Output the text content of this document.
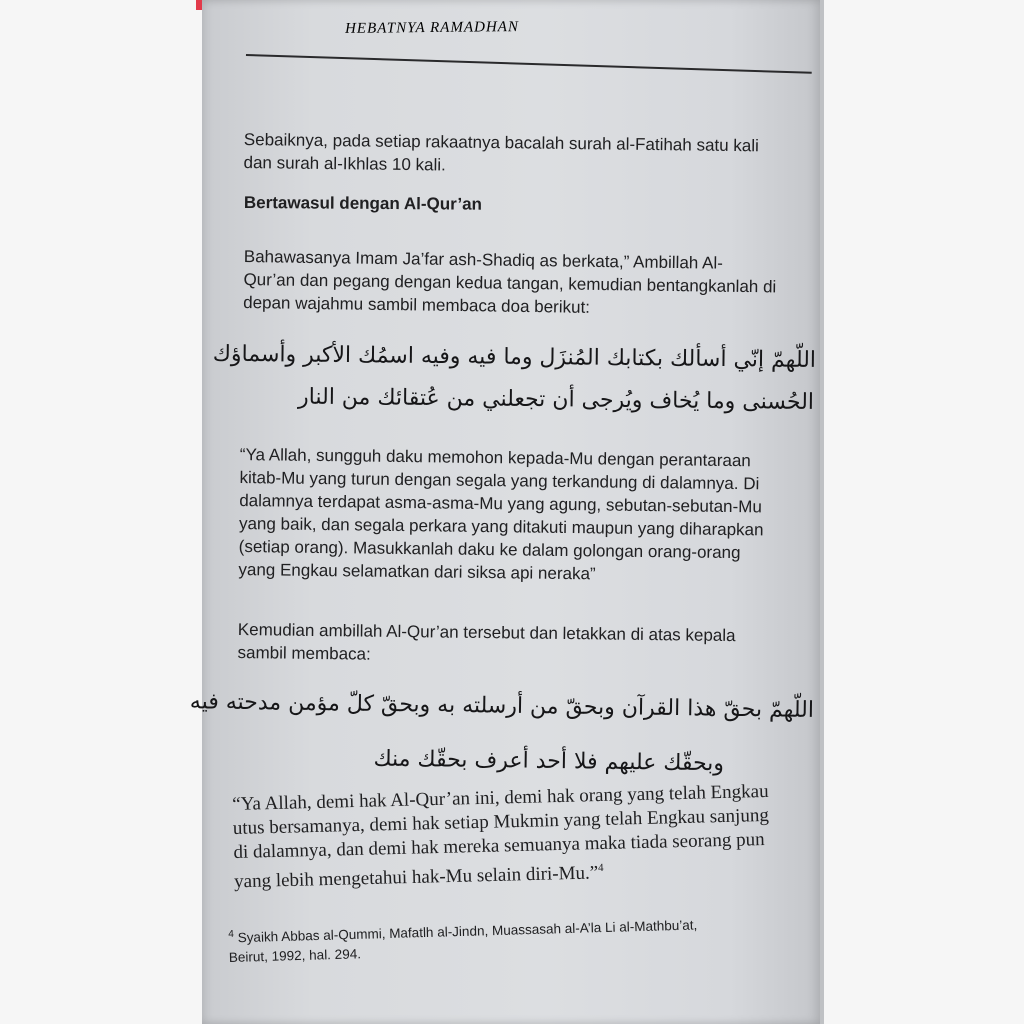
HEBATNYA RAMADHAN
Sebaiknya, pada setiap rakaatnya bacalah surah al-Fatihah satu kali
dan surah al-Ikhlas 10 kali.
Bertawasul dengan Al-Qur’an
Bahawasanya Imam Ja’far ash-Shadiq as berkata,” Ambillah Al-
Qur’an dan pegang dengan kedua tangan, kemudian bentangkanlah di
depan wajahmu sambil membaca doa berikut:
اللّهمّ إنّي أسألك بكتابك المُنزَل وما فيه وفيه اسمُك الأكبر وأسماؤك
الحُسنى وما يُخاف ويُرجى أن تجعلني من عُتقائك من النار
“Ya Allah, sungguh daku memohon kepada-Mu dengan perantaraan
kitab-Mu yang turun dengan segala yang terkandung di dalamnya. Di
dalamnya terdapat asma-asma-Mu yang agung, sebutan-sebutan-Mu
yang baik, dan segala perkara yang ditakuti maupun yang diharapkan
(setiap orang). Masukkanlah daku ke dalam golongan orang-orang
yang Engkau selamatkan dari siksa api neraka”
Kemudian ambillah Al-Qur’an tersebut dan letakkan di atas kepala
sambil membaca:
اللّهمّ بحقّ هذا القرآن وبحقّ من أرسلته به وبحقّ كلّ مؤمن مدحته فيه
وبحقّك عليهم فلا أحد أعرف بحقّك منك
“Ya Allah, demi hak Al-Qur’an ini, demi hak orang yang telah Engkau
utus bersamanya, demi hak setiap Mukmin yang telah Engkau sanjung
di dalamnya, dan demi hak mereka semuanya maka tiada seorang pun
yang lebih mengetahui hak-Mu selain diri-Mu.”$^4$
$^4$ Syaikh Abbas al-Qummi, Mafatlh al-Jindn, Muassasah al-A’la Li al-Mathbu’at,
Beirut, 1992, hal. 294.
